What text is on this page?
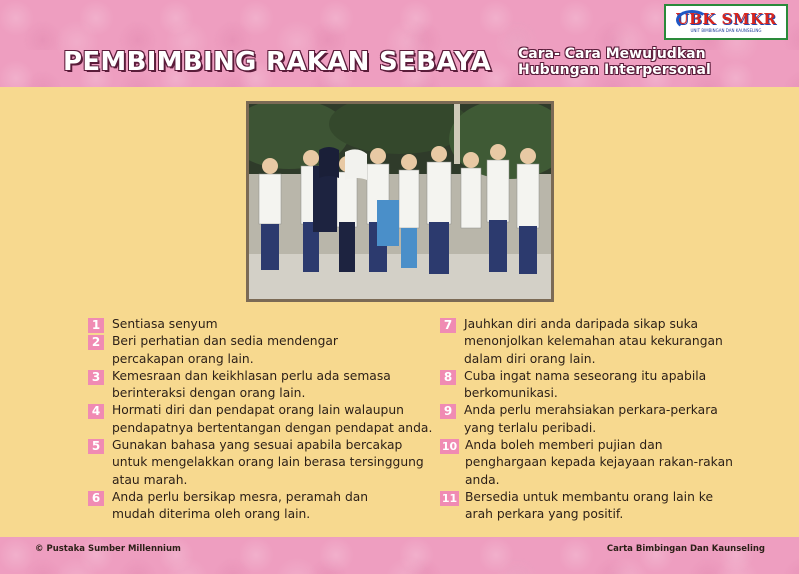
UBK SMKR
UNIT BIMBINGAN DAN KAUNSELING
PEMBIMBING RAKAN SEBAYA Cara- Cara Mewujudkan
Hubungan Interpersonal
1 Sentiasa senyum
2 Beri perhatian dan sedia mendengar
percakapan orang lain.
3 Kemesraan dan keikhlasan perlu ada semasa
berinteraksi dengan orang lain.
4 Hormati diri dan pendapat orang lain walaupun
pendapatnya bertentangan dengan pendapat anda.
5 Gunakan bahasa yang sesuai apabila bercakap
untuk mengelakkan orang lain berasa tersinggung
atau marah.
6 Anda perlu bersikap mesra, peramah dan
mudah diterima oleh orang lain.
7 Jauhkan diri anda daripada sikap suka
menonjolkan kelemahan atau kekurangan
dalam diri orang lain.
8 Cuba ingat nama seseorang itu apabila
berkomunikasi.
9 Anda perlu merahsiakan perkara-perkara
yang terlalu peribadi.
10 Anda boleh memberi pujian dan
penghargaan kepada kejayaan rakan-rakan
anda.
11 Bersedia untuk membantu orang lain ke
arah perkara yang positif.
© Pustaka Sumber Millennium	Carta Bimbingan Dan Kaunseling
